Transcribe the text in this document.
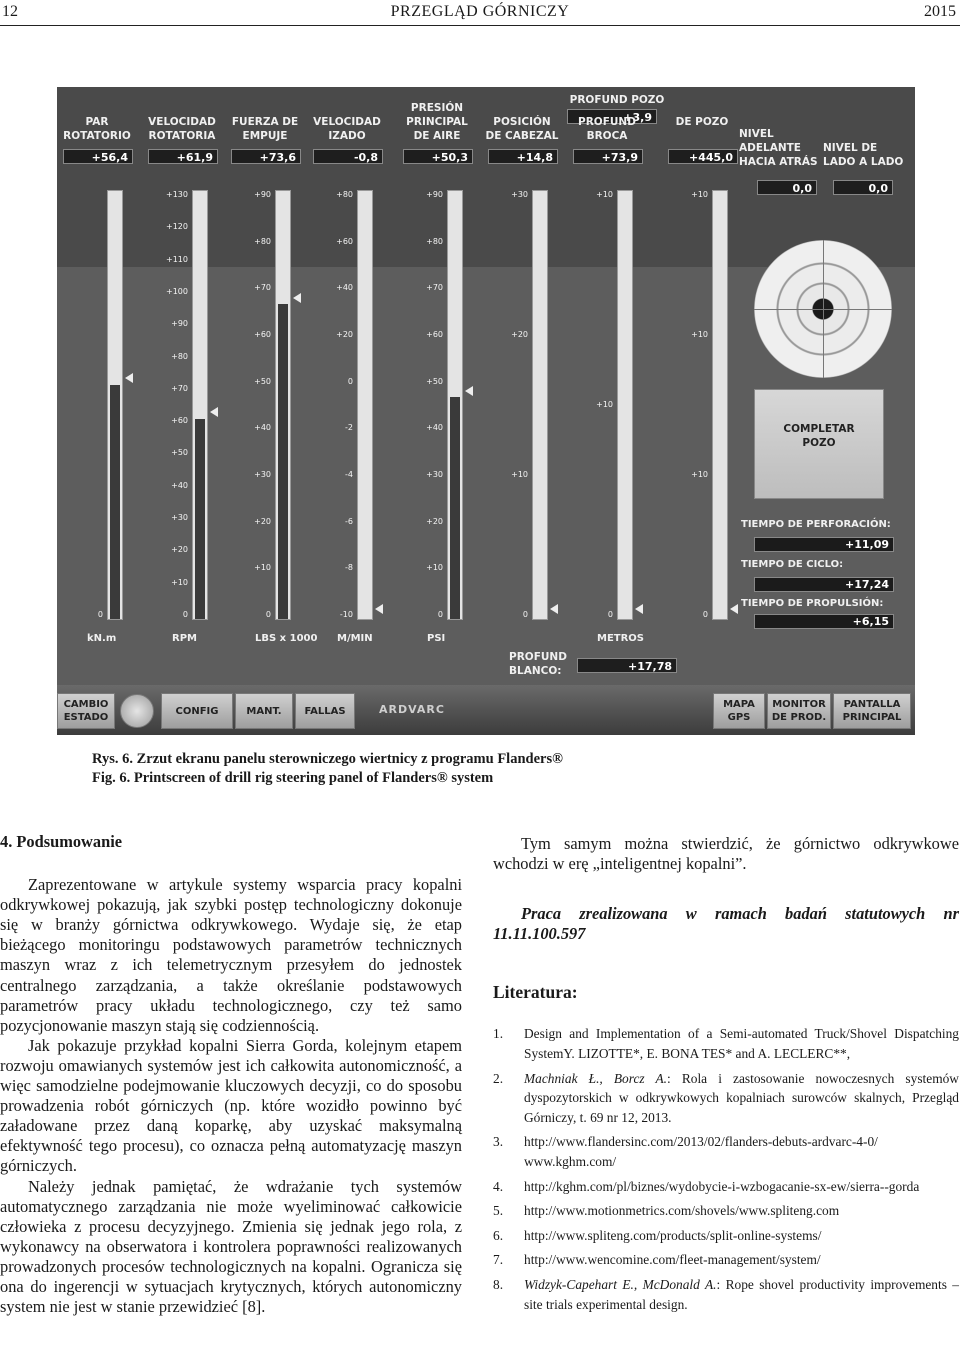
12	PRZEGLĄD GÓRNICZY	2015
PROFUND POZO
+3,9
NIVEL
ADELANTE
HACIA ATRÁS
NIVEL DE
LADO A LADO
0,0	0,0
COMPLETAR
POZO
TIEMPO DE PERFORACIÓN:
+11,09
TIEMPO DE CICLO:
+17,24
TIEMPO DE PROPULSIÓN:
+6,15
PROFUND
BLANCO:	+17,78
CAMBIO
ESTADO
CONFIG	MANT.	FALLAS	ARDVARC	MAPA
GPS
MONITOR
DE PROD.
PANTALLA
PRINCIPAL
PAR
ROTATORIO
+56,4
0
kN.m
VELOCIDAD
ROTATORIA
+61,9
+130
+120
+110
+100
+90
+80
+70
+60
+50
+40
+30
+20
+10
0
RPM
FUERZA DE
EMPUJE
+73,6
+90
+80
+70
+60
+50
+40
+30
+20
+10
0
LBS x 1000
VELOCIDAD
IZADO
-0,8
+80
+60
+40
+20
0
-2
-4
-6
-8
-10
M/MIN
PRESIÓN
PRINCIPAL
DE AIRE
+50,3
+90
+80
+70
+60
+50
+40
+30
+20
+10
0
PSI
POSICIÓN
DE CABEZAL
+14,8
+30
+20
+10
0
PROFUND BROCA
+73,9
+10
+10
0
METROS
DE POZO
+445,0
+10
+10
+10
0
Rys. 6. Zrzut ekranu panelu sterowniczego wiertnicy z programu Flanders®
Fig. 6. Printscreen of drill rig steering panel of Flanders® system

4. Podsumowanie

Zaprezentowane w artykule systemy wsparcia pracy kopalni odkrywkowej pokazują, jak szybki postęp technologiczny dokonuje się w branży górnictwa odkrywkowego. Wydaje się, że etap bieżącego monitoringu podstawowych parametrów technicznych maszyn wraz z ich telemetrycznym przesyłem do jednostek centralnego zarządzania, a także określanie podstawowych parametrów pracy układu technologicznego, czy też samo pozycjonowanie maszyn stają się codziennością.

Jak pokazuje przykład kopalni Sierra Gorda, kolejnym etapem rozwoju omawianych systemów jest ich całkowita autonomiczność, a więc samodzielne podejmowanie kluczowych decyzji, co do sposobu prowadzenia robót górniczych (np. które wozidło powinno być załadowane przez daną koparkę, aby uzyskać maksymalną efektywność tego procesu), co oznacza pełną automatyzację maszyn górniczych.

Należy jednak pamiętać, że wdrażanie tych systemów automatycznego zarządzania nie może wyeliminować całkowicie człowieka z procesu decyzyjnego. Zmienia się jednak jego rola, z wykonawcy na obserwatora i kontrolera poprawności realizowanych prowadzonych procesów technologicznych na kopalni. Ogranicza się ona do ingerencji w sytuacjach krytycznych, których autonomiczny system nie jest w stanie przewidzieć [8].

Tym samym można stwierdzić, że górnictwo odkrywkowe wchodzi w erę „inteligentnej kopalni”.

Praca zrealizowana w ramach badań statutowych nr 11.11.100.597

Literatura:

1. Design and Implementation of a Semi-automated Truck/Shovel Dispatching SystemY. LIZOTTE*, E. BONA TES* and A. LECLERC**,
2. Machniak Ł., Borcz A.: Rola i zastosowanie nowoczesnych systemów dyspozytorskich w odkrywkowych kopalniach surowców skalnych, Przegląd Górniczy, t. 69 nr 12, 2013.
3. http://www.flandersinc.com/2013/02/flanders-debuts-ardvarc-4-0/ www.kghm.com/
4. http://kghm.com/pl/biznes/wydobycie-i-wzbogacanie-sx-ew/sierra--gorda
5. http://www.motionmetrics.com/shovels/www.spliteng.com
6. http://www.spliteng.com/products/split-online-systems/
7. http://www.wencomine.com/fleet-management/system/
8. Widzyk-Capehart E., McDonald A.: Rope shovel productivity improvements – site trials experimental design.
